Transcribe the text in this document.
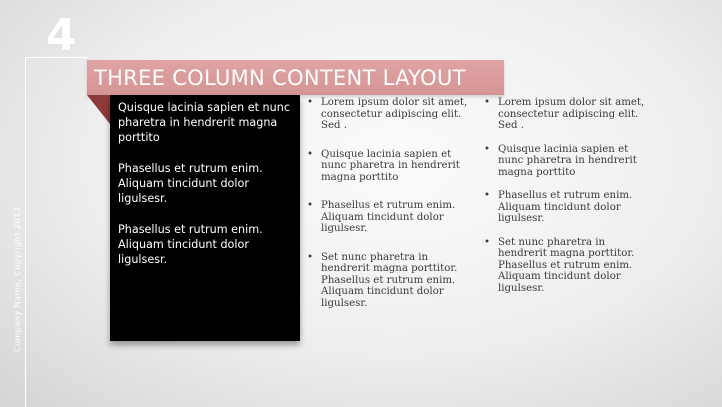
4
Company Name, Copyright 2013
THREE COLUMN CONTENT LAYOUT

Quisque lacinia sapien et nunc pharetra in hendrerit magna porttito

Phasellus et rutrum enim. Aliquam tincidunt dolor ligulsesr.

Phasellus et rutrum enim. Aliquam tincidunt dolor ligulsesr.

• Lorem ipsum dolor sit amet, consectetur adipiscing elit. Sed .
• Quisque lacinia sapien et nunc pharetra in hendrerit magna porttito
• Phasellus et rutrum enim. Aliquam tincidunt dolor ligulsesr.
• Set nunc pharetra in hendrerit magna porttitor. Phasellus et rutrum enim. Aliquam tincidunt dolor ligulsesr.
• Lorem ipsum dolor sit amet, consectetur adipiscing elit. Sed .
• Quisque lacinia sapien et nunc pharetra in hendrerit magna porttito
• Phasellus et rutrum enim. Aliquam tincidunt dolor ligulsesr.
• Set nunc pharetra in hendrerit magna porttitor. Phasellus et rutrum enim. Aliquam tincidunt dolor ligulsesr.
